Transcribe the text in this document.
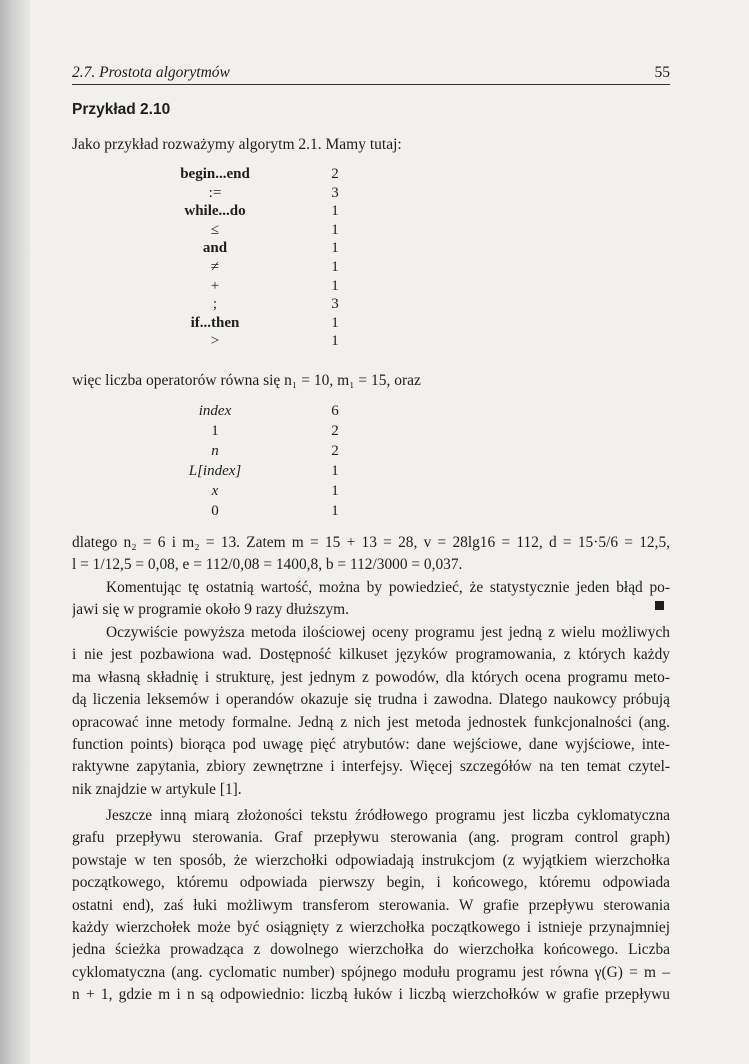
2.7. Prostota algorytmów	55
Przykład 2.10
Jako przykład rozważymy algorytm 2.1. Mamy tutaj:
begin...end	2
:=	3
while...do	1
≤	1
and	1
≠	1
+	1
;	3
if...then	1
>	1
więc liczba operatorów równa się n₁ = 10, m₁ = 15, oraz
index	6
1	2
n	2
L[index]	1
x	1
0	1
dlatego n₂ = 6 i m₂ = 13. Zatem m = 15 + 13 = 28, v = 28lg16 = 112, d = 15·5/6 = 12,5,
l = 1/12,5 = 0,08, e = 112/0,08 = 1400,8, b = 112/3000 = 0,037.
Komentując tę ostatnią wartość, można by powiedzieć, że statystycznie jeden błąd po-
jawi się w programie około 9 razy dłuższym.
Oczywiście powyższa metoda ilościowej oceny programu jest jedną z wielu możliwych
i nie jest pozbawiona wad. Dostępność kilkuset języków programowania, z których każdy
ma własną składnię i strukturę, jest jednym z powodów, dla których ocena programu meto-
dą liczenia leksemów i operandów okazuje się trudna i zawodna. Dlatego naukowcy próbują
opracować inne metody formalne. Jedną z nich jest metoda jednostek funkcjonalności (ang.
function points) biorąca pod uwagę pięć atrybutów: dane wejściowe, dane wyjściowe, inte-
raktywne zapytania, zbiory zewnętrzne i interfejsy. Więcej szczegółów na ten temat czytel-
nik znajdzie w artykule [1].
Jeszcze inną miarą złożoności tekstu źródłowego programu jest liczba cyklomatyczna
grafu przepływu sterowania. Graf przepływu sterowania (ang. program control graph)
powstaje w ten sposób, że wierzchołki odpowiadają instrukcjom (z wyjątkiem wierzchołka
początkowego, któremu odpowiada pierwszy begin, i końcowego, któremu odpowiada
ostatni end), zaś łuki możliwym transferom sterowania. W grafie przepływu sterowania
każdy wierzchołek może być osiągnięty z wierzchołka początkowego i istnieje przynajmniej
jedna ścieżka prowadząca z dowolnego wierzchołka do wierzchołka końcowego. Liczba
cyklomatyczna (ang. cyclomatic number) spójnego modułu programu jest równa γ(G) = m –
n + 1, gdzie m i n są odpowiednio: liczbą łuków i liczbą wierzchołków w grafie przepływu
